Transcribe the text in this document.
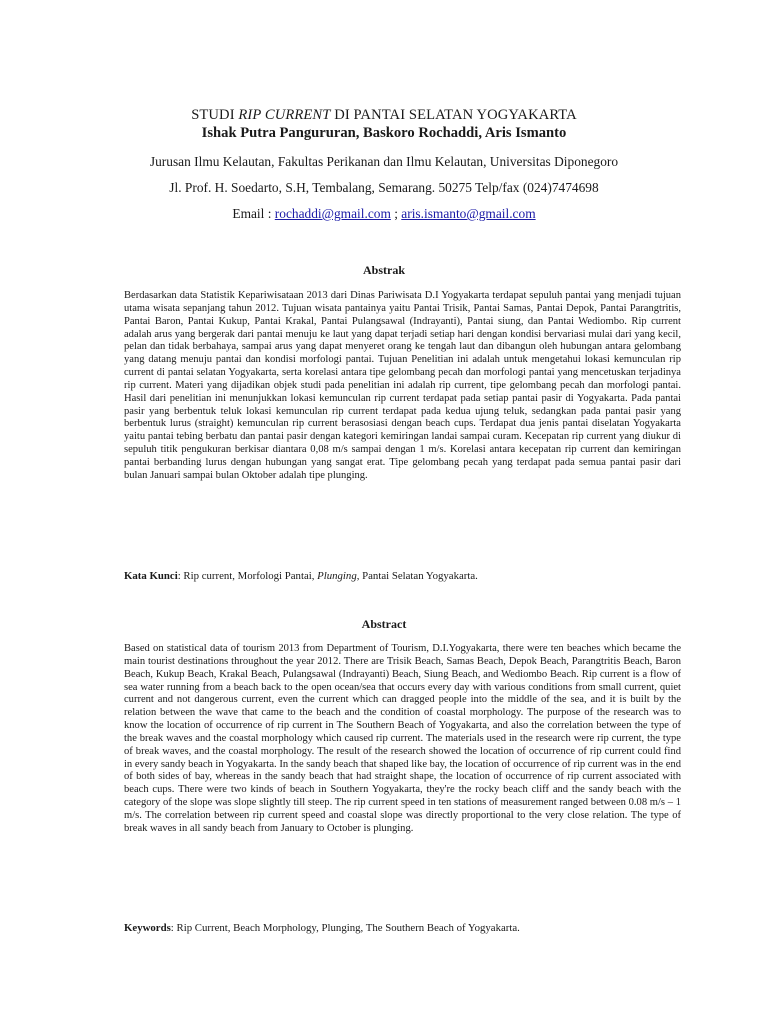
STUDI RIP CURRENT DI PANTAI SELATAN YOGYAKARTA
Ishak Putra Pangururan, Baskoro Rochaddi, Aris Ismanto
Jurusan Ilmu Kelautan, Fakultas Perikanan dan Ilmu Kelautan, Universitas Diponegoro
Jl. Prof. H. Soedarto, S.H, Tembalang, Semarang. 50275 Telp/fax (024)7474698
Email : rochaddi@gmail.com ; aris.ismanto@gmail.com
Abstrak
Berdasarkan data Statistik Kepariwisataan 2013 dari Dinas Pariwisata D.I Yogyakarta terdapat sepuluh pantai yang menjadi tujuan utama wisata sepanjang tahun 2012. Tujuan wisata pantainya yaitu Pantai Trisik, Pantai Samas, Pantai Depok, Pantai Parangtritis, Pantai Baron, Pantai Kukup, Pantai Krakal, Pantai Pulangsawal (Indrayanti), Pantai siung, dan Pantai Wediombo. Rip current adalah arus yang bergerak dari pantai menuju ke laut yang dapat terjadi setiap hari dengan kondisi bervariasi mulai dari yang kecil, pelan dan tidak berbahaya, sampai arus yang dapat menyeret orang ke tengah laut dan dibangun oleh hubungan antara gelombang yang datang menuju pantai dan kondisi morfologi pantai. Tujuan Penelitian ini adalah untuk mengetahui lokasi kemunculan rip current di pantai selatan Yogyakarta, serta korelasi antara tipe gelombang pecah dan morfologi pantai yang mencetuskan terjadinya rip current. Materi yang dijadikan objek studi pada penelitian ini adalah rip current, tipe gelombang pecah dan morfologi pantai. Hasil dari penelitian ini menunjukkan lokasi kemunculan rip current terdapat pada setiap pantai pasir di Yogyakarta. Pada pantai pasir yang berbentuk teluk lokasi kemunculan rip current terdapat pada kedua ujung teluk, sedangkan pada pantai pasir yang berbentuk lurus (straight) kemunculan rip current berasosiasi dengan beach cups. Terdapat dua jenis pantai diselatan Yogyakarta yaitu pantai tebing berbatu dan pantai pasir dengan kategori kemiringan landai sampai curam. Kecepatan rip current yang diukur di sepuluh titik pengukuran berkisar diantara 0,08 m/s sampai dengan 1 m/s. Korelasi antara kecepatan rip current dan kemiringan pantai berbanding lurus dengan hubungan yang sangat erat. Tipe gelombang pecah yang terdapat pada semua pantai pasir dari bulan Januari sampai bulan Oktober adalah tipe plunging.
Kata Kunci: Rip current, Morfologi Pantai, Plunging, Pantai Selatan Yogyakarta.
Abstract
Based on statistical data of tourism 2013 from Department of Tourism, D.I.Yogyakarta, there were ten beaches which became the main tourist destinations throughout the year 2012. There are Trisik Beach, Samas Beach, Depok Beach, Parangtritis Beach, Baron Beach, Kukup Beach, Krakal Beach, Pulangsawal (Indrayanti) Beach, Siung Beach, and Wediombo Beach. Rip current is a flow of sea water running from a beach back to the open ocean/sea that occurs every day with various conditions from small current, quiet current and not dangerous current, even the current which can dragged people into the middle of the sea, and it is built by the relation between the wave that came to the beach and the condition of coastal morphology. The purpose of the research was to know the location of occurrence of rip current in The Southern Beach of Yogyakarta, and also the correlation between the type of the break waves and the coastal morphology which caused rip current. The materials used in the research were rip current, the type of break waves, and the coastal morphology. The result of the research showed the location of occurrence of rip current could find in every sandy beach in Yogyakarta. In the sandy beach that shaped like bay, the location of occurrence of rip current was in the end of both sides of bay, whereas in the sandy beach that had straight shape, the location of occurrence of rip current associated with beach cups. There were two kinds of beach in Southern Yogyakarta, they're the rocky beach cliff and the sandy beach with the category of the slope was slope slightly till steep. The rip current speed in ten stations of measurement ranged between 0.08 m/s – 1 m/s. The correlation between rip current speed and coastal slope was directly proportional to the very close relation. The type of break waves in all sandy beach from January to October is plunging.
Keywords: Rip Current, Beach Morphology, Plunging, The Southern Beach of Yogyakarta.
